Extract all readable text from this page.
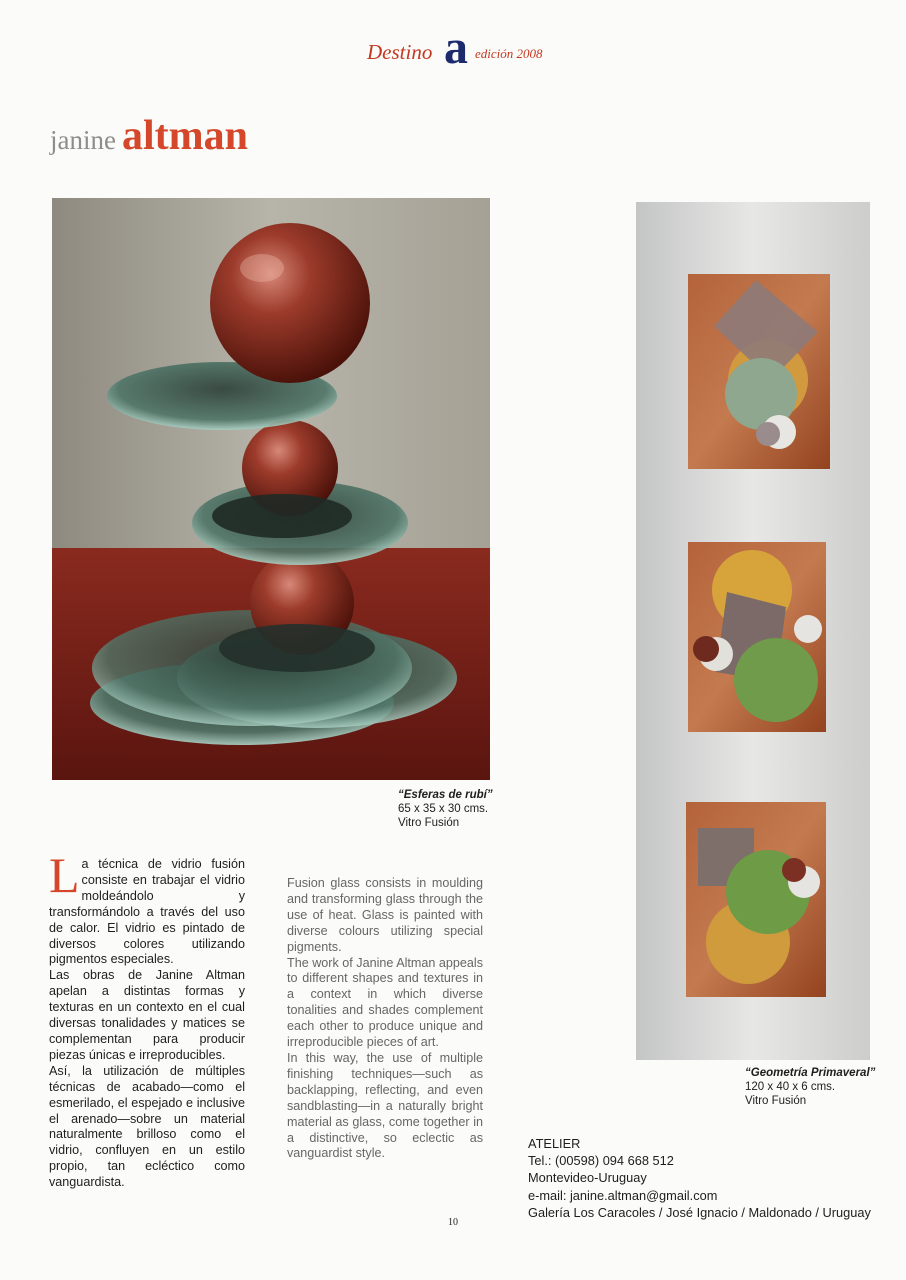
Destino a edición 2008
janine altman
“Esferas de rubí”
65 x 35 x 30 cms.
Vitro Fusión
“Geometría Primaveral”
120 x 40 x 6 cms.
Vitro Fusión

La técnica de vidrio fusión consiste en trabajar el vidrio moldeándolo y transformándolo a través del uso de calor. El vidrio es pintado de diversos colores utilizando pigmentos especiales.

Las obras de Janine Altman apelan a distintas formas y texturas en un contexto en el cual diversas tonalidades y matices se complementan para producir piezas únicas e irreproducibles.

Así, la utilización de múltiples técnicas de acabado—como el esmerilado, el espejado e inclusive el arenado—sobre un material naturalmente brilloso como el vidrio, confluyen en un estilo propio, tan ecléctico como vanguardista.

Fusion glass consists in moulding and transforming glass through the use of heat. Glass is painted with diverse colours utilizing special pigments.

The work of Janine Altman appeals to different shapes and textures in a context in which diverse tonalities and shades complement each other to produce unique and irreproducible pieces of art.

In this way, the use of multiple finishing techniques—such as backlapping, reflecting, and even sandblasting—in a naturally bright material as glass, come together in a distinctive, so eclectic as vanguardist style.

ATELIER
Tel.: (00598) 094 668 512
Montevideo-Uruguay
e-mail: janine.altman@gmail.com
Galería Los Caracoles / José Ignacio / Maldonado / Uruguay
10
